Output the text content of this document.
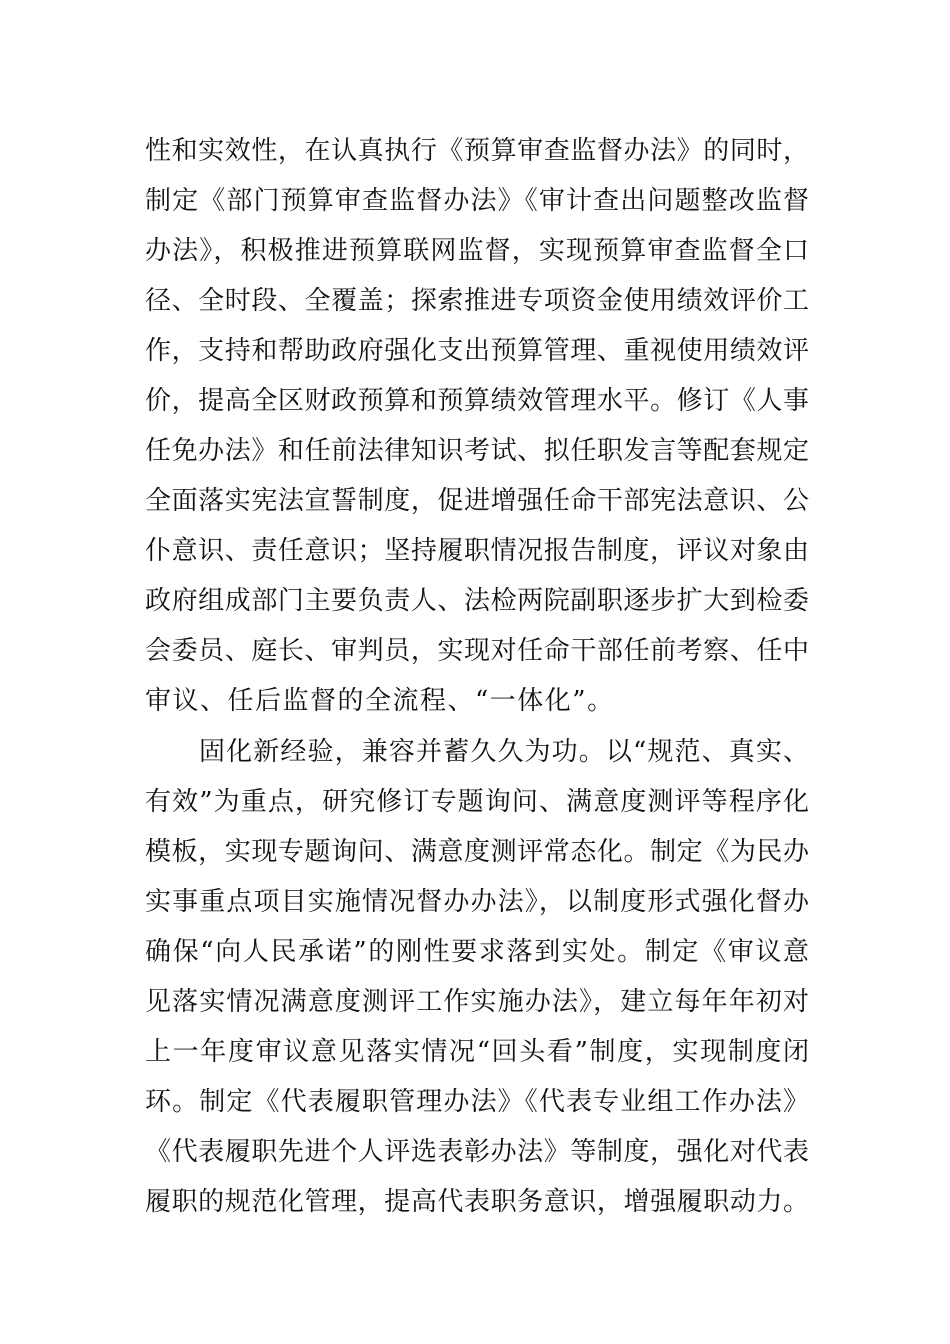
性和实效性，在认真执行《预算审查监督办法》的同时，
制定《部门预算审查监督办法》《审计查出问题整改监督
办法》，积极推进预算联网监督，实现预算审查监督全口
径、全时段、全覆盖；探索推进专项资金使用绩效评价工
作，支持和帮助政府强化支出预算管理、重视使用绩效评
价，提高全区财政预算和预算绩效管理水平。修订《人事
任免办法》和任前法律知识考试、拟任职发言等配套规定
全面落实宪法宣誓制度，促进增强任命干部宪法意识、公
仆意识、责任意识；坚持履职情况报告制度，评议对象由
政府组成部门主要负责人、法检两院副职逐步扩大到检委
会委员、庭长、审判员，实现对任命干部任前考察、任中
审议、任后监督的全流程、“一体化”。
固化新经验，兼容并蓄久久为功。以“规范、真实、
有效”为重点，研究修订专题询问、满意度测评等程序化
模板，实现专题询问、满意度测评常态化。制定《为民办
实事重点项目实施情况督办办法》，以制度形式强化督办
确保“向人民承诺”的刚性要求落到实处。制定《审议意
见落实情况满意度测评工作实施办法》，建立每年年初对
上一年度审议意见落实情况“回头看”制度，实现制度闭
环。制定《代表履职管理办法》《代表专业组工作办法》
《代表履职先进个人评选表彰办法》等制度，强化对代表
履职的规范化管理，提高代表职务意识，增强履职动力。
